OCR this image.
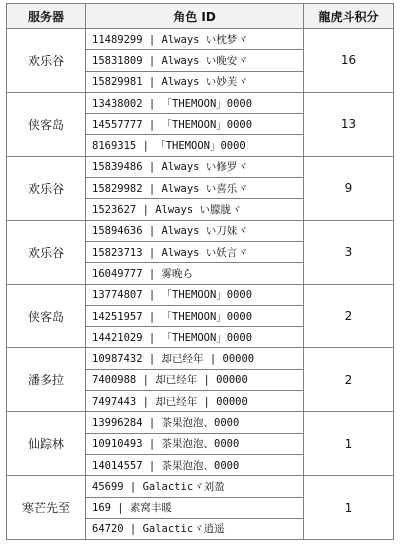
服务器	角色 ID	龍虎斗积分
欢乐谷	11489299 | Always い枕梦ヾ	16
	15831809 | Always い晚安ヾ	
	15829981 | Always い妙芙ヾ	
侠客岛	13438002 | 「THEMOON」0000	13
	14557777 | 「THEMOON」0000	
	8169315 | 「THEMOON」0000	
欢乐谷	15839486 | Always い修罗ヾ	9
	15829982 | Always い喜乐ヾ	
	1523627 | Always い朦胧ヾ	
欢乐谷	15894636 | Always い刀妹ヾ	3
	15823713 | Always い妖言ヾ	
	16049777 | 雾晚ら	
侠客岛	13774807 | 「THEMOON」0000	2
	14251957 | 「THEMOON」0000	
	14421029 | 「THEMOON」0000	
潘多拉	10987432 | 却已经年 | 00000	2
	7400988 | 却已经年 | 00000	
	7497443 | 却已经年 | 00000	
仙踪林	13996284 | 茶果泡泡、0000	1
	10910493 | 茶果泡泡、0000	
	14014557 | 茶果泡泡、0000	
寒芒先至	45699 | Galacticヾ刘盈	1
	169 | 素窝丰暖	
	64720 | Galacticヾ逍遥	
